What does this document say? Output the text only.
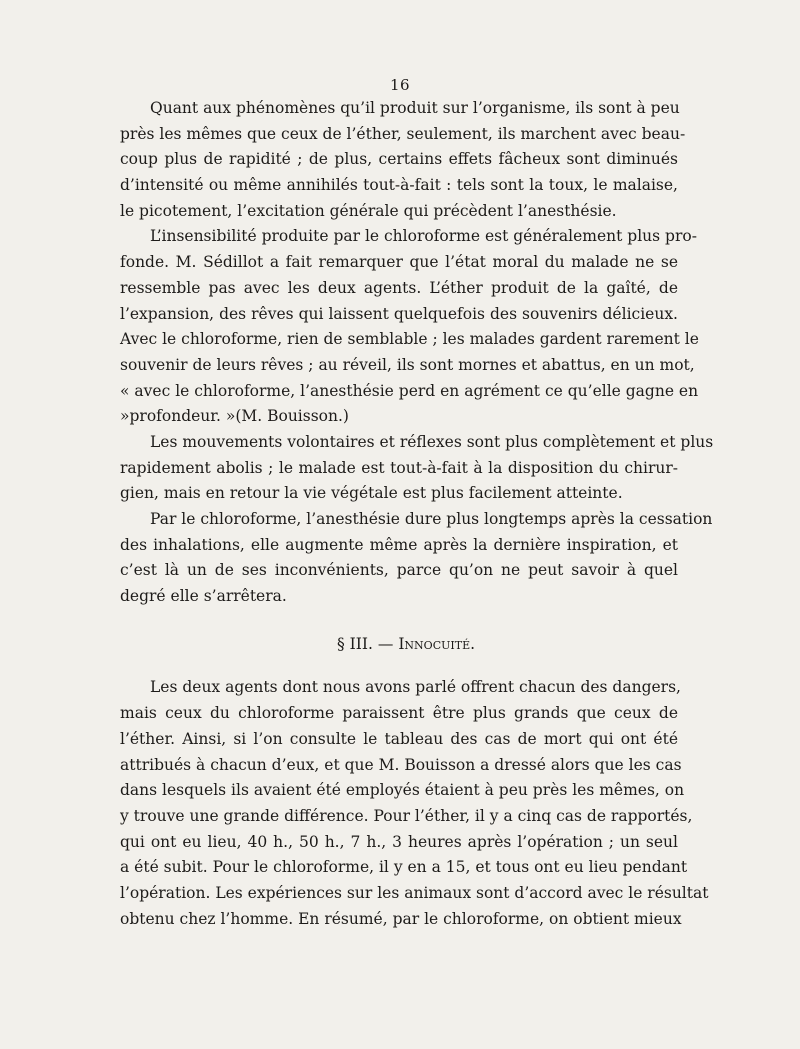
16
Quant aux phénomènes qu’il produit sur l’organisme, ils sont à peu
près les mêmes que ceux de l’éther, seulement, ils marchent avec beau-
coup plus de rapidité ; de plus, certains effets fâcheux sont diminués
d’intensité ou même annihilés tout-à-fait : tels sont la toux, le malaise,
le picotement, l’excitation générale qui précèdent l’anesthésie.
L’insensibilité produite par le chloroforme est généralement plus pro-
fonde. M. Sédillot a fait remarquer que l’état moral du malade ne se
ressemble pas avec les deux agents. L’éther produit de la gaîté, de
l’expansion, des rêves qui laissent quelquefois des souvenirs délicieux.
Avec le chloroforme, rien de semblable ; les malades gardent rarement le
souvenir de leurs rêves ; au réveil, ils sont mornes et abattus, en un mot,
« avec le chloroforme, l’anesthésie perd en agrément ce qu’elle gagne en
»profondeur. »(M. Bouisson.)
Les mouvements volontaires et réflexes sont plus complètement et plus
rapidement abolis ; le malade est tout-à-fait à la disposition du chirur-
gien, mais en retour la vie végétale est plus facilement atteinte.
Par le chloroforme, l’anesthésie dure plus longtemps après la cessation
des inhalations, elle augmente même après la dernière inspiration, et
c’est là un de ses inconvénients, parce qu’on ne peut savoir à quel
degré elle s’arrêtera.
§ III. — Innocuité.
Les deux agents dont nous avons parlé offrent chacun des dangers,
mais ceux du chloroforme paraissent être plus grands que ceux de
l’éther. Ainsi, si l’on consulte le tableau des cas de mort qui ont été
attribués à chacun d’eux, et que M. Bouisson a dressé alors que les cas
dans lesquels ils avaient été employés étaient à peu près les mêmes, on
y trouve une grande différence. Pour l’éther, il y a cinq cas de rapportés,
qui ont eu lieu, 40 h., 50 h., 7 h., 3 heures après l’opération ; un seul
a été subit. Pour le chloroforme, il y en a 15, et tous ont eu lieu pendant
l’opération. Les expériences sur les animaux sont d’accord avec le résultat
obtenu chez l’homme. En résumé, par le chloroforme, on obtient mieux
